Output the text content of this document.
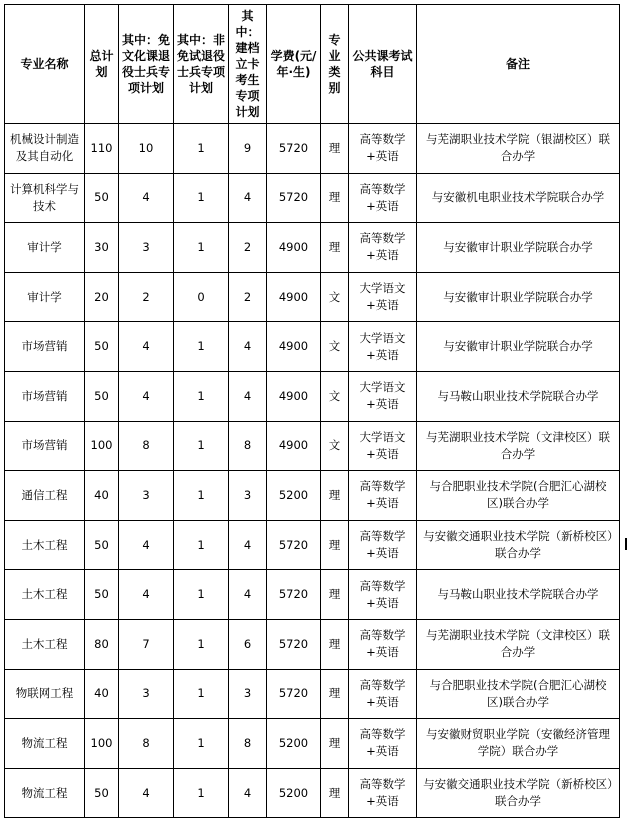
专业名称	总计划	其中：免文化课退役士兵专项计划	其中：非免试退役士兵专项计划	其中：建档立卡考生专项计划	学费(元/年·生)	专业类别	公共课考试科目	备注
机械设计制造及其自动化	110	10	1	9	5720	理	高等数学+英语	与芜湖职业技术学院（银湖校区）联合办学
计算机科学与技术	50	4	1	4	5720	理	高等数学+英语	与安徽机电职业技术学院联合办学
审计学	30	3	1	2	4900	理	高等数学+英语	与安徽审计职业学院联合办学
审计学	20	2	0	2	4900	文	大学语文+英语	与安徽审计职业学院联合办学
市场营销	50	4	1	4	4900	文	大学语文+英语	与安徽审计职业学院联合办学
市场营销	50	4	1	4	4900	文	大学语文+英语	与马鞍山职业技术学院联合办学
市场营销	100	8	1	8	4900	文	大学语文+英语	与芜湖职业技术学院（文津校区）联合办学
通信工程	40	3	1	3	5200	理	高等数学+英语	与合肥职业技术学院(合肥汇心湖校区)联合办学
土木工程	50	4	1	4	5720	理	高等数学+英语	与安徽交通职业技术学院（新桥校区）联合办学
土木工程	50	4	1	4	5720	理	高等数学+英语	与马鞍山职业技术学院联合办学
土木工程	80	7	1	6	5720	理	高等数学+英语	与芜湖职业技术学院（文津校区）联合办学
物联网工程	40	3	1	3	5720	理	高等数学+英语	与合肥职业技术学院(合肥汇心湖校区)联合办学
物流工程	100	8	1	8	5200	理	高等数学+英语	与安徽财贸职业学院（安徽经济管理学院）联合办学
物流工程	50	4	1	4	5200	理	高等数学+英语	与安徽交通职业技术学院（新桥校区）联合办学
